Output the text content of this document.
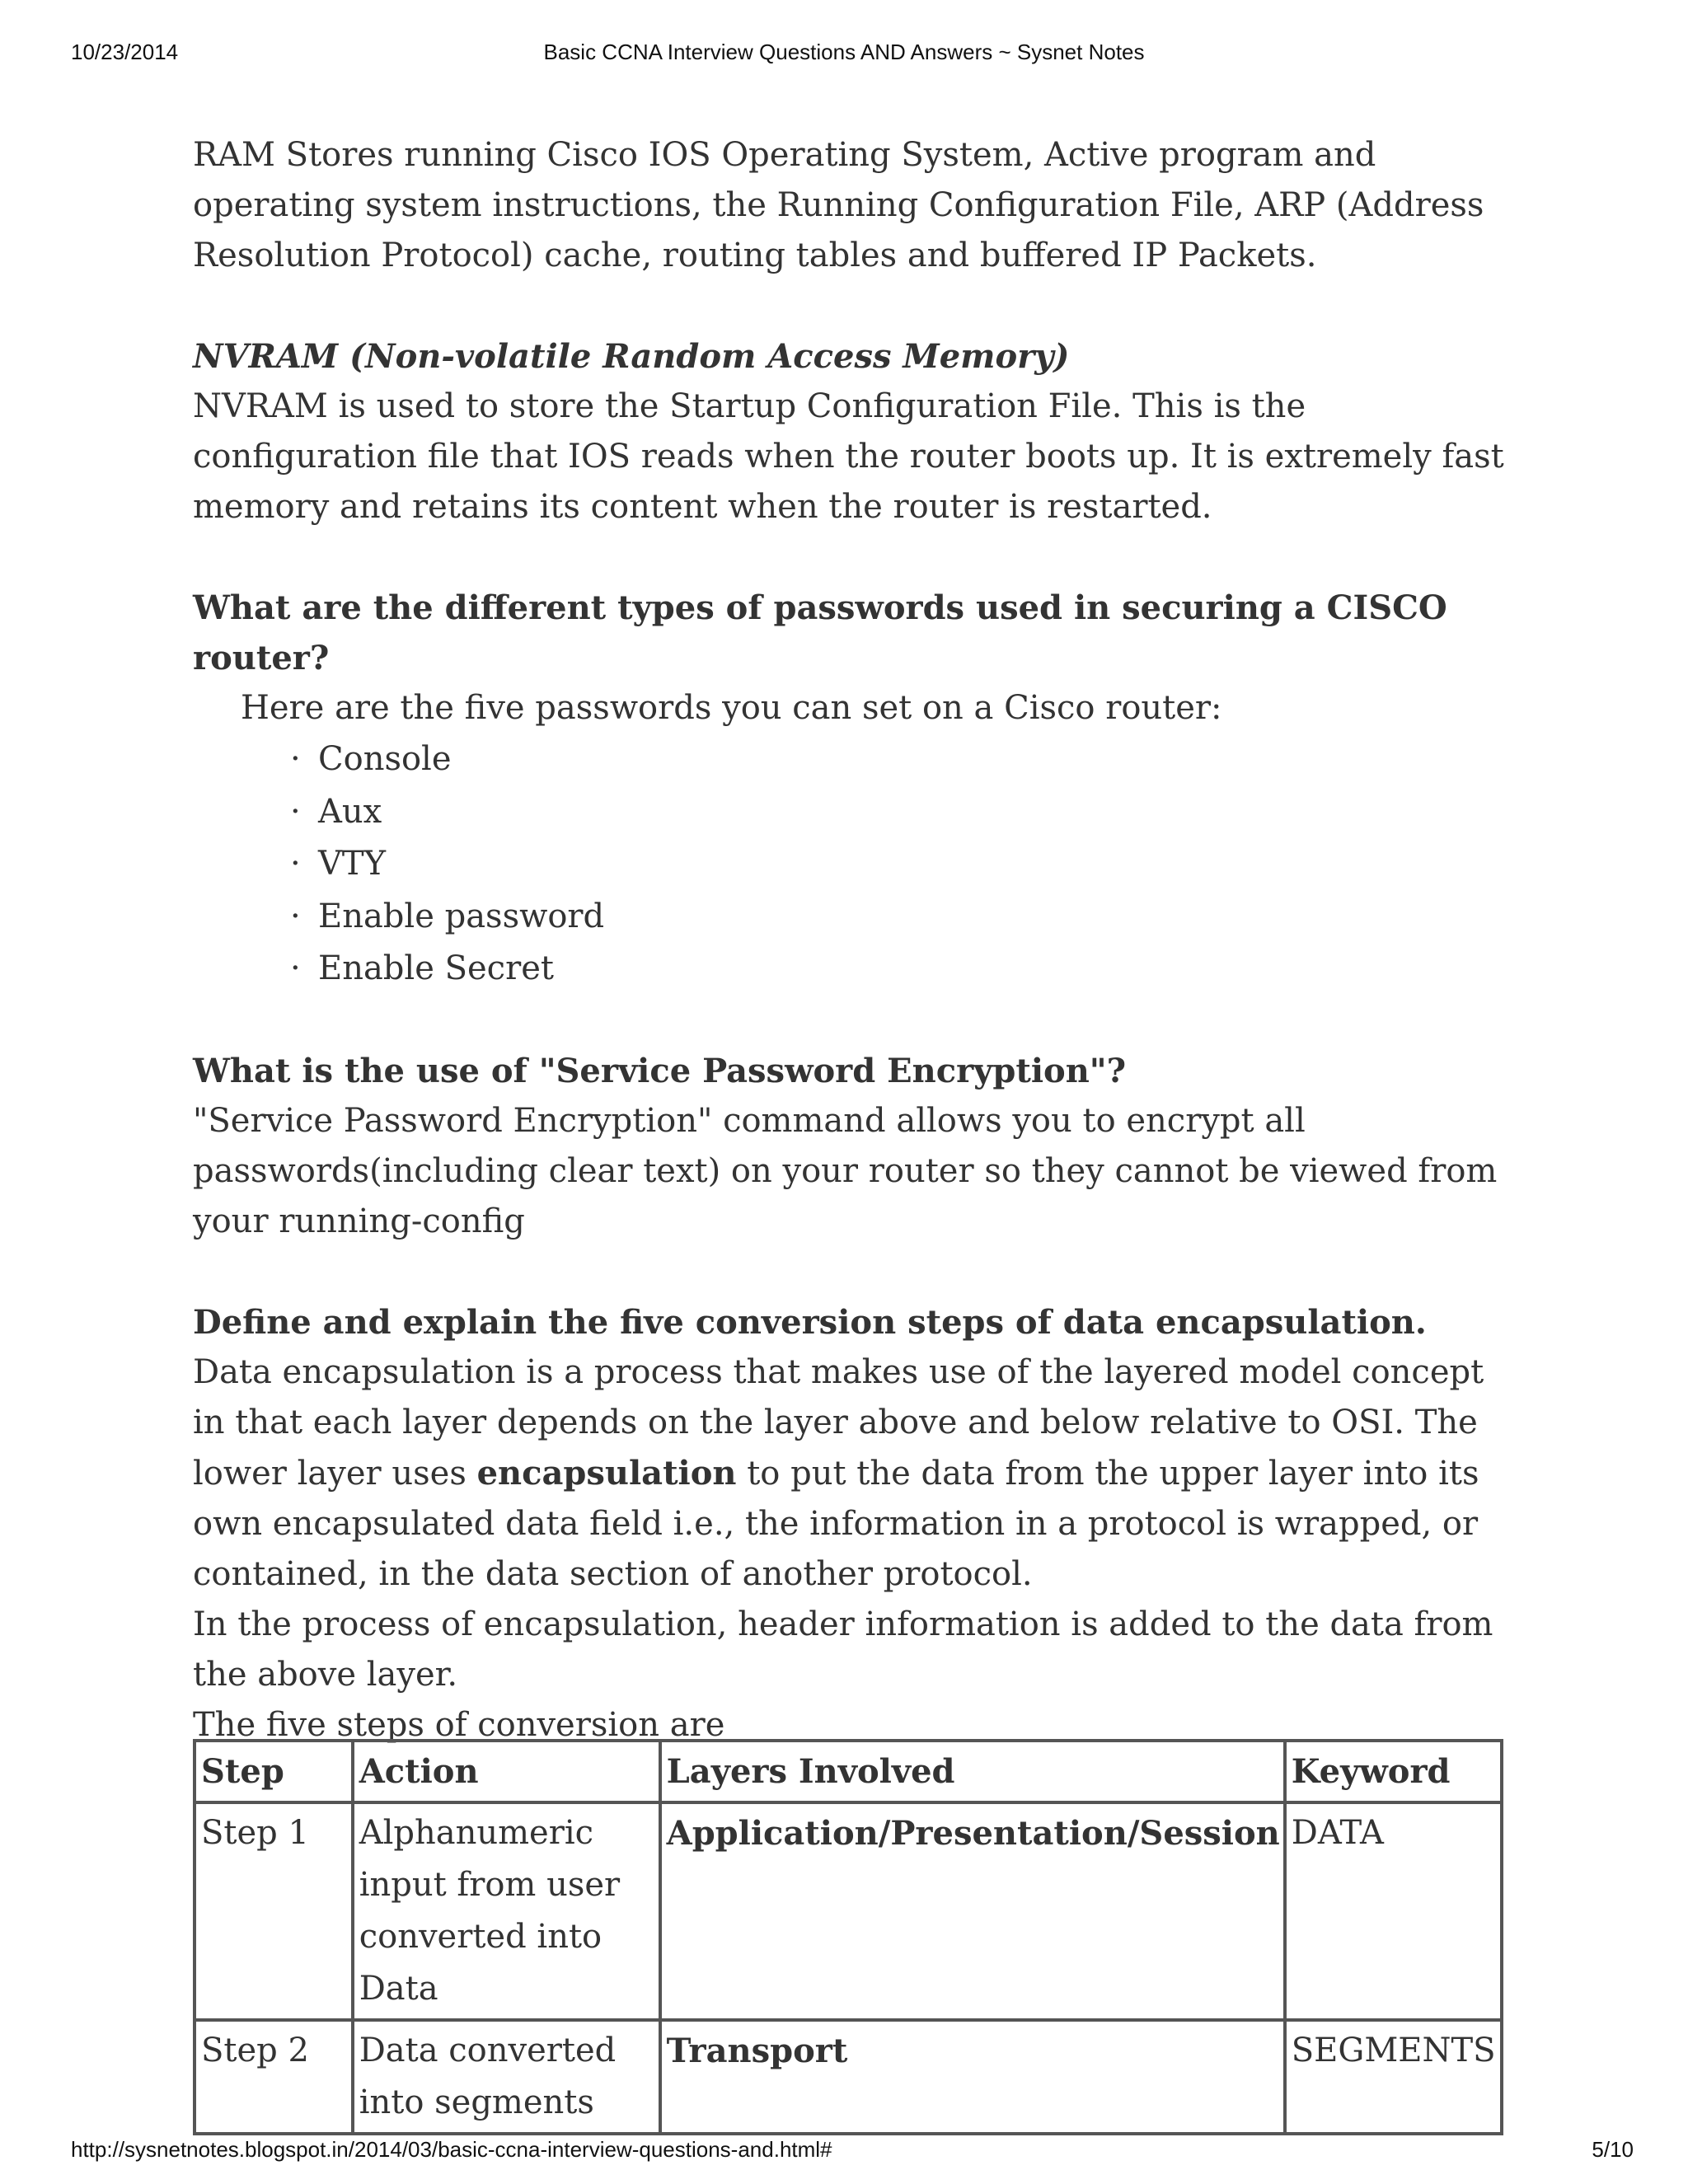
10/23/2014	Basic CCNA Interview Questions AND Answers ~ Sysnet Notes

RAM Stores running Cisco IOS Operating System, Active program and operating system instructions, the Running Configuration File, ARP (Address Resolution Protocol) cache, routing tables and buffered IP Packets.

NVRAM (Non-volatile Random Access Memory)

NVRAM is used to store the Startup Configuration File. This is the configuration file that IOS reads when the router boots up. It is extremely fast memory and retains its content when the router is restarted.

What are the different types of passwords used in securing a CISCO router?

Here are the five passwords you can set on a Cisco router:

· Console
· Aux
· VTY
· Enable password
· Enable Secret

What is the use of "Service Password Encryption"?

"Service Password Encryption" command allows you to encrypt all passwords(including clear text) on your router so they cannot be viewed from your running-config

Define and explain the five conversion steps of data encapsulation.

Data encapsulation is a process that makes use of the layered model concept in that each layer depends on the layer above and below relative to OSI. The lower layer uses encapsulation to put the data from the upper layer into its own encapsulated data field i.e., the information in a protocol is wrapped, or contained, in the data section of another protocol.

In the process of encapsulation, header information is added to the data from the above layer.

The five steps of conversion are

Step	Action	Layers Involved	Keyword
Step 1	Alphanumeric input from user converted into Data	Application/Presentation/Session	DATA
Step 2	Data converted into segments	Transport	SEGMENTS
http://sysnetnotes.blogspot.in/2014/03/basic-ccna-interview-questions-and.html#	5/10
